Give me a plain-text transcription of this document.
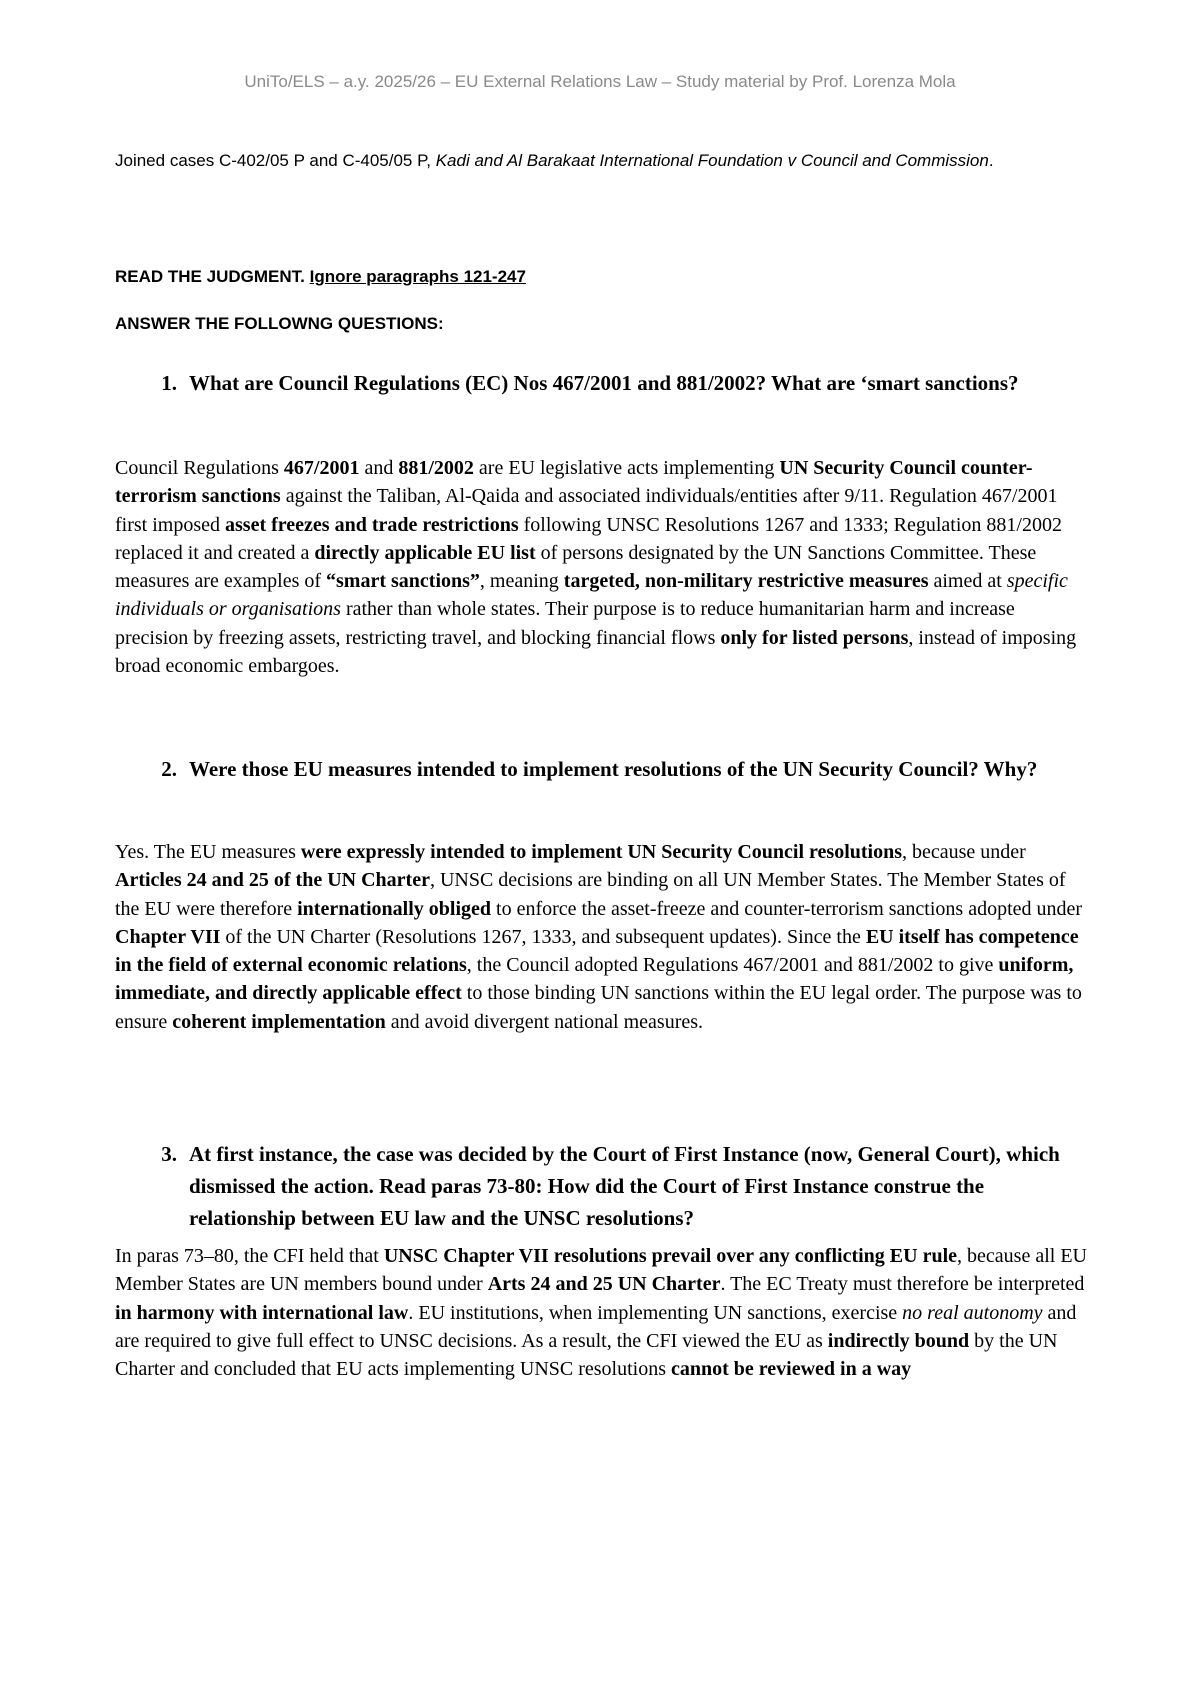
UniTo/ELS – a.y. 2025/26 – EU External Relations Law – Study material by Prof. Lorenza Mola
Joined cases C-402/05 P and C-405/05 P, Kadi and Al Barakaat International Foundation v Council and Commission.
READ THE JUDGMENT. Ignore paragraphs 121-247
ANSWER THE FOLLOWNG QUESTIONS:
1. What are Council Regulations (EC) Nos 467/2001 and 881/2002? What are ‘smart sanctions?
Council Regulations 467/2001 and 881/2002 are EU legislative acts implementing UN Security Council counter-terrorism sanctions against the Taliban, Al-Qaida and associated individuals/entities after 9/11. Regulation 467/2001 first imposed asset freezes and trade restrictions following UNSC Resolutions 1267 and 1333; Regulation 881/2002 replaced it and created a directly applicable EU list of persons designated by the UN Sanctions Committee. These measures are examples of “smart sanctions”, meaning targeted, non-military restrictive measures aimed at specific individuals or organisations rather than whole states. Their purpose is to reduce humanitarian harm and increase precision by freezing assets, restricting travel, and blocking financial flows only for listed persons, instead of imposing broad economic embargoes.
2. Were those EU measures intended to implement resolutions of the UN Security Council? Why?
Yes. The EU measures were expressly intended to implement UN Security Council resolutions, because under Articles 24 and 25 of the UN Charter, UNSC decisions are binding on all UN Member States. The Member States of the EU were therefore internationally obliged to enforce the asset-freeze and counter-terrorism sanctions adopted under Chapter VII of the UN Charter (Resolutions 1267, 1333, and subsequent updates). Since the EU itself has competence in the field of external economic relations, the Council adopted Regulations 467/2001 and 881/2002 to give uniform, immediate, and directly applicable effect to those binding UN sanctions within the EU legal order. The purpose was to ensure coherent implementation and avoid divergent national measures.
3. At first instance, the case was decided by the Court of First Instance (now, General Court), which dismissed the action. Read paras 73-80: How did the Court of First Instance construe the relationship between EU law and the UNSC resolutions?
In paras 73–80, the CFI held that UNSC Chapter VII resolutions prevail over any conflicting EU rule, because all EU Member States are UN members bound under Arts 24 and 25 UN Charter. The EC Treaty must therefore be interpreted in harmony with international law. EU institutions, when implementing UN sanctions, exercise no real autonomy and are required to give full effect to UNSC decisions. As a result, the CFI viewed the EU as indirectly bound by the UN Charter and concluded that EU acts implementing UNSC resolutions cannot be reviewed in a way
